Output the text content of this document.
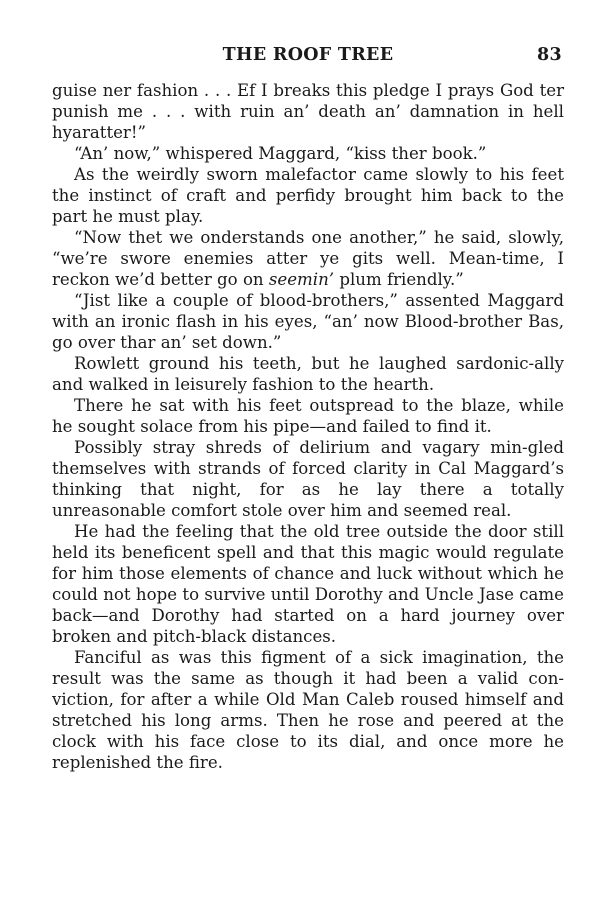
THE ROOF TREE	83

guise ner fashion . . . Ef I breaks this pledge I prays God ter punish me . . . with ruin an’ death an’ damnation in hell hyaratter!”

“An’ now,” whispered Maggard, “kiss ther book.”

As the weirdly sworn malefactor came slowly to his feet the instinct of craft and perfidy brought him back to the part he must play.

“Now thet we onderstands one another,” he said, slowly, “we’re swore enemies atter ye gits well. Mean-time, I reckon we’d better go on seemin’ plum friendly.”

“Jist like a couple of blood-brothers,” assented Maggard with an ironic flash in his eyes, “an’ now Blood-brother Bas, go over thar an’ set down.”

Rowlett ground his teeth, but he laughed sardonic-ally and walked in leisurely fashion to the hearth.

There he sat with his feet outspread to the blaze, while he sought solace from his pipe—and failed to find it.

Possibly stray shreds of delirium and vagary min-gled themselves with strands of forced clarity in Cal Maggard’s thinking that night, for as he lay there a totally unreasonable comfort stole over him and seemed real.

He had the feeling that the old tree outside the door still held its beneficent spell and that this magic would regulate for him those elements of chance and luck without which he could not hope to survive until Dorothy and Uncle Jase came back—and Dorothy had started on a hard journey over broken and pitch-black distances.

Fanciful as was this figment of a sick imagination, the result was the same as though it had been a valid con-viction, for after a while Old Man Caleb roused himself and stretched his long arms. Then he rose and peered at the clock with his face close to its dial, and once more he replenished the fire.
